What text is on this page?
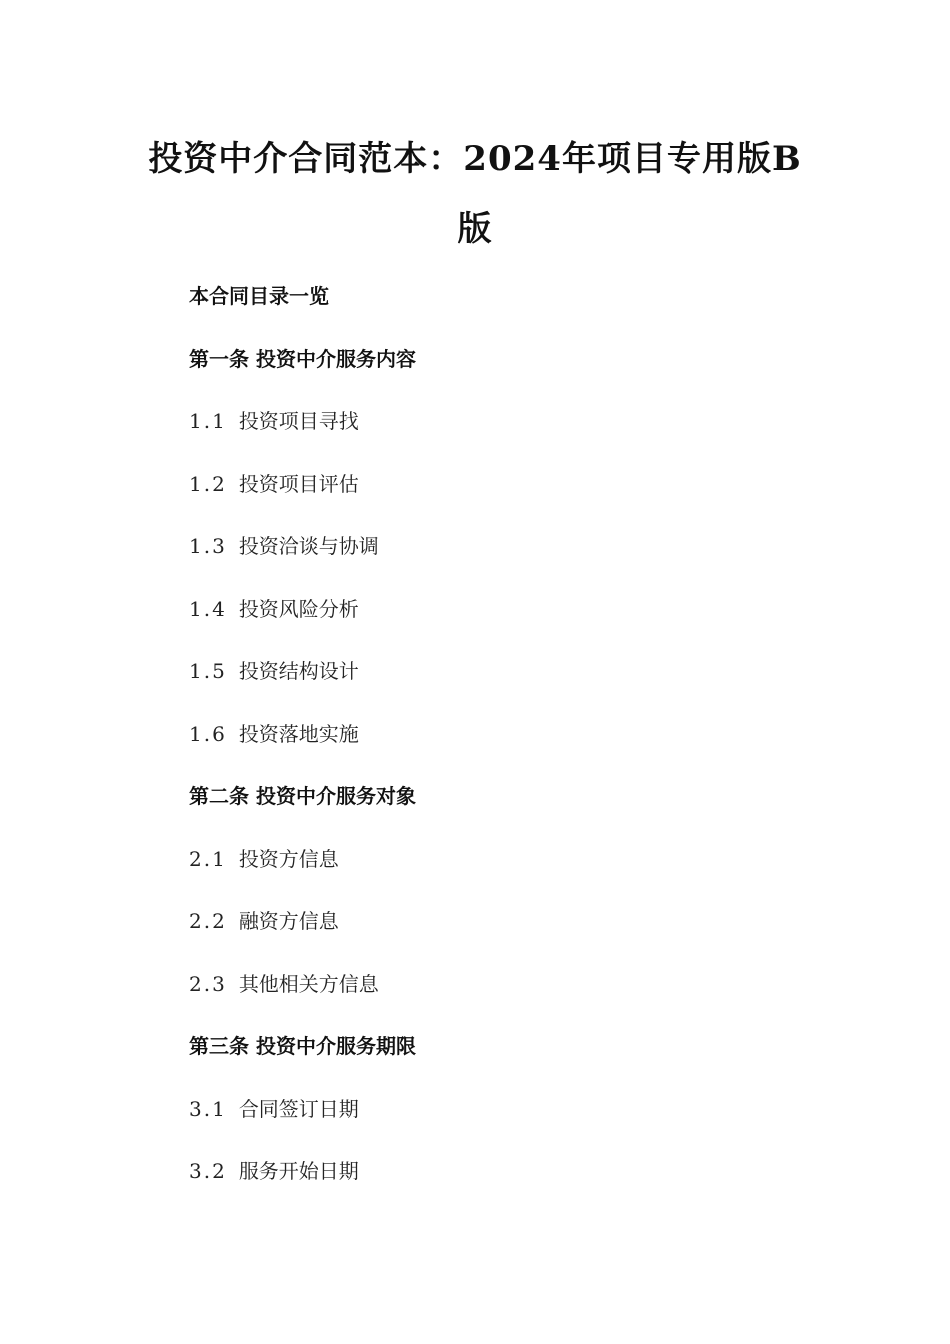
投资中介合同范本：2024年项目专用版B
版
本合同目录一览
第一条 投资中介服务内容
1.1 投资项目寻找
1.2 投资项目评估
1.3 投资洽谈与协调
1.4 投资风险分析
1.5 投资结构设计
1.6 投资落地实施
第二条 投资中介服务对象
2.1 投资方信息
2.2 融资方信息
2.3 其他相关方信息
第三条 投资中介服务期限
3.1 合同签订日期
3.2 服务开始日期
